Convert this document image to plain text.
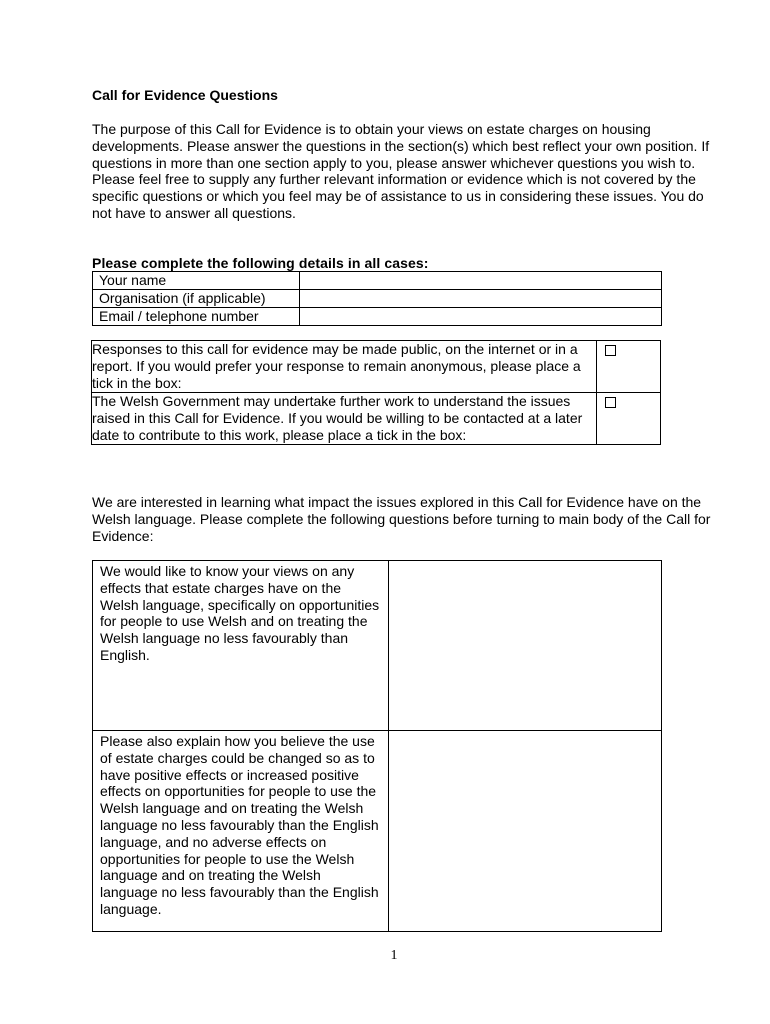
Call for Evidence Questions

The purpose of this Call for Evidence is to obtain your views on estate charges on housing developments. Please answer the questions in the section(s) which best reflect your own position. If questions in more than one section apply to you, please answer whichever questions you wish to. Please feel free to supply any further relevant information or evidence which is not covered by the specific questions or which you feel may be of assistance to us in considering these issues. You do not have to answer all questions.

Please complete the following details in all cases:
Your name	
Organisation (if applicable)	
Email / telephone number	
Responses to this call for evidence may be made public, on the internet or in a report. If you would prefer your response to remain anonymous, please place a tick in the box:	
The Welsh Government may undertake further work to understand the issues raised in this Call for Evidence. If you would be willing to be contacted at a later date to contribute to this work, please place a tick in the box:	

We are interested in learning what impact the issues explored in this Call for Evidence have on the Welsh language. Please complete the following questions before turning to main body of the Call for Evidence:

We would like to know your views on any effects that estate charges have on the Welsh language, specifically on opportunities for people to use Welsh and on treating the Welsh language no less favourably than English.	
Please also explain how you believe the use of estate charges could be changed so as to have positive effects or increased positive effects on opportunities for people to use the Welsh language and on treating the Welsh language no less favourably than the English language, and no adverse effects on opportunities for people to use the Welsh language and on treating the Welsh language no less favourably than the English language.	
1
